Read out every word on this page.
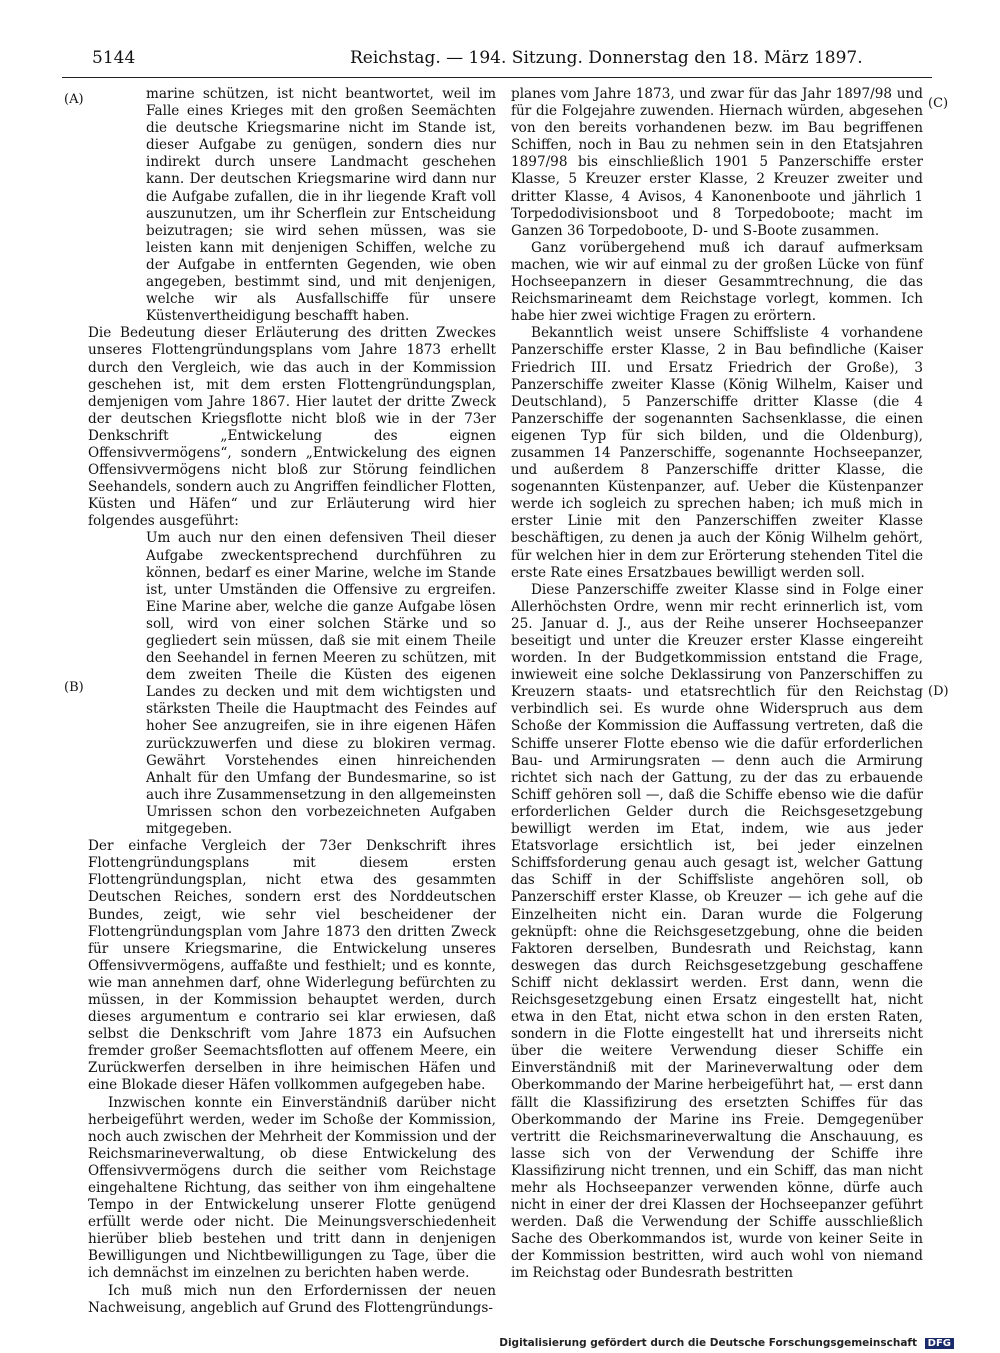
5144	Reichstag. — 194. Sitzung. Donnerstag den 18. März 1897.
(A)
(B)
(C)
(D)

marine schützen, ist nicht beantwortet, weil im Falle eines Krieges mit den großen Seemächten die deutsche Kriegsmarine nicht im Stande ist, dieser Aufgabe zu genügen, sondern dies nur indirekt durch unsere Landmacht geschehen kann. Der deutschen Kriegsmarine wird dann nur die Aufgabe zufallen, die in ihr liegende Kraft voll auszunutzen, um ihr Scherflein zur Entscheidung beizutragen; sie wird sehen müssen, was sie leisten kann mit denjenigen Schiffen, welche zu der Aufgabe in entfernten Gegenden, wie oben angegeben, bestimmt sind, und mit denjenigen, welche wir als Ausfallschiffe für unsere Küstenvertheidigung beschafft haben.

Die Bedeutung dieser Erläuterung des dritten Zweckes unseres Flottengründungsplans vom Jahre 1873 erhellt durch den Vergleich, wie das auch in der Kommission geschehen ist, mit dem ersten Flottengründungsplan, demjenigen vom Jahre 1867. Hier lautet der dritte Zweck der deutschen Kriegsflotte nicht bloß wie in der 73er Denkschrift „Entwickelung des eignen Offensivvermögens“, sondern „Entwickelung des eignen Offensivvermögens nicht bloß zur Störung feindlichen Seehandels, sondern auch zu Angriffen feindlicher Flotten, Küsten und Häfen“ und zur Erläuterung wird hier folgendes ausgeführt:

Um auch nur den einen defensiven Theil dieser Aufgabe zweckentsprechend durchführen zu können, bedarf es einer Marine, welche im Stande ist, unter Umständen die Offensive zu ergreifen. Eine Marine aber, welche die ganze Aufgabe lösen soll, wird von einer solchen Stärke und so gegliedert sein müssen, daß sie mit einem Theile den Seehandel in fernen Meeren zu schützen, mit dem zweiten Theile die Küsten des eigenen Landes zu decken und mit dem wichtigsten und stärksten Theile die Hauptmacht des Feindes auf hoher See anzugreifen, sie in ihre eigenen Häfen zurückzuwerfen und diese zu blokiren vermag. Gewährt Vorstehendes einen hinreichenden Anhalt für den Umfang der Bundesmarine, so ist auch ihre Zusammensetzung in den allgemeinsten Umrissen schon den vorbezeichneten Aufgaben mitgegeben.

Der einfache Vergleich der 73er Denkschrift ihres Flottengründungsplans mit diesem ersten Flottengründungsplan, nicht etwa des gesammten Deutschen Reiches, sondern erst des Norddeutschen Bundes, zeigt, wie sehr viel bescheidener der Flottengründungsplan vom Jahre 1873 den dritten Zweck für unsere Kriegsmarine, die Entwickelung unseres Offensivvermögens, auffaßte und festhielt; und es konnte, wie man annehmen darf, ohne Widerlegung befürchten zu müssen, in der Kommission behauptet werden, durch dieses argumentum e contrario sei klar erwiesen, daß selbst die Denkschrift vom Jahre 1873 ein Aufsuchen fremder großer Seemachtsflotten auf offenem Meere, ein Zurückwerfen derselben in ihre heimischen Häfen und eine Blokade dieser Häfen vollkommen aufgegeben habe.

Inzwischen konnte ein Einverständniß darüber nicht herbeigeführt werden, weder im Schoße der Kommission, noch auch zwischen der Mehrheit der Kommission und der Reichsmarineverwaltung, ob diese Entwickelung des Offensivvermögens durch die seither vom Reichstage eingehaltene Richtung, das seither von ihm eingehaltene Tempo in der Entwickelung unserer Flotte genügend erfüllt werde oder nicht. Die Meinungsverschiedenheit hierüber blieb bestehen und tritt dann in denjenigen Bewilligungen und Nichtbewilligungen zu Tage, über die ich demnächst im einzelnen zu berichten haben werde.

Ich muß mich nun den Erfordernissen der neuen Nachweisung, angeblich auf Grund des Flottengründungs-

planes vom Jahre 1873, und zwar für das Jahr 1897/98 und für die Folgejahre zuwenden. Hiernach würden, abgesehen von den bereits vorhandenen bezw. im Bau begriffenen Schiffen, noch in Bau zu nehmen sein in den Etatsjahren 1897/98 bis einschließlich 1901 5 Panzerschiffe erster Klasse, 5 Kreuzer erster Klasse, 2 Kreuzer zweiter und dritter Klasse, 4 Avisos, 4 Kanonenboote und jährlich 1 Torpedodivisionsboot und 8 Torpedoboote; macht im Ganzen 36 Torpedoboote, D- und S-Boote zusammen.

Ganz vorübergehend muß ich darauf aufmerksam machen, wie wir auf einmal zu der großen Lücke von fünf Hochseepanzern in dieser Gesammtrechnung, die das Reichsmarineamt dem Reichstage vorlegt, kommen. Ich habe hier zwei wichtige Fragen zu erörtern.

Bekanntlich weist unsere Schiffsliste 4 vorhandene Panzerschiffe erster Klasse, 2 in Bau befindliche (Kaiser Friedrich III. und Ersatz Friedrich der Große), 3 Panzerschiffe zweiter Klasse (König Wilhelm, Kaiser und Deutschland), 5 Panzerschiffe dritter Klasse (die 4 Panzerschiffe der sogenannten Sachsenklasse, die einen eigenen Typ für sich bilden, und die Oldenburg), zusammen 14 Panzerschiffe, sogenannte Hochseepanzer, und außerdem 8 Panzerschiffe dritter Klasse, die sogenannten Küstenpanzer, auf. Ueber die Küstenpanzer werde ich sogleich zu sprechen haben; ich muß mich in erster Linie mit den Panzerschiffen zweiter Klasse beschäftigen, zu denen ja auch der König Wilhelm gehört, für welchen hier in dem zur Erörterung stehenden Titel die erste Rate eines Ersatzbaues bewilligt werden soll.

Diese Panzerschiffe zweiter Klasse sind in Folge einer Allerhöchsten Ordre, wenn mir recht erinnerlich ist, vom 25. Januar d. J., aus der Reihe unserer Hochseepanzer beseitigt und unter die Kreuzer erster Klasse eingereiht worden. In der Budgetkommission entstand die Frage, inwieweit eine solche Deklassirung von Panzerschiffen zu Kreuzern staats- und etatsrechtlich für den Reichstag verbindlich sei. Es wurde ohne Widerspruch aus dem Schoße der Kommission die Auffassung vertreten, daß die Schiffe unserer Flotte ebenso wie die dafür erforderlichen Bau- und Armirungsraten — denn auch die Armirung richtet sich nach der Gattung, zu der das zu erbauende Schiff gehören soll —, daß die Schiffe ebenso wie die dafür erforderlichen Gelder durch die Reichsgesetzgebung bewilligt werden im Etat, indem, wie aus jeder Etatsvorlage ersichtlich ist, bei jeder einzelnen Schiffsforderung genau auch gesagt ist, welcher Gattung das Schiff in der Schiffsliste angehören soll, ob Panzerschiff erster Klasse, ob Kreuzer — ich gehe auf die Einzelheiten nicht ein. Daran wurde die Folgerung geknüpft: ohne die Reichsgesetzgebung, ohne die beiden Faktoren derselben, Bundesrath und Reichstag, kann deswegen das durch Reichsgesetzgebung geschaffene Schiff nicht deklassirt werden. Erst dann, wenn die Reichsgesetzgebung einen Ersatz eingestellt hat, nicht etwa in den Etat, nicht etwa schon in den ersten Raten, sondern in die Flotte eingestellt hat und ihrerseits nicht über die weitere Verwendung dieser Schiffe ein Einverständniß mit der Marineverwaltung oder dem Oberkommando der Marine herbeigeführt hat, — erst dann fällt die Klassifizirung des ersetzten Schiffes für das Oberkommando der Marine ins Freie. Demgegenüber vertritt die Reichsmarineverwaltung die Anschauung, es lasse sich von der Verwendung der Schiffe ihre Klassifizirung nicht trennen, und ein Schiff, das man nicht mehr als Hochseepanzer verwenden könne, dürfe auch nicht in einer der drei Klassen der Hochseepanzer geführt werden. Daß die Verwendung der Schiffe ausschließlich Sache des Oberkommandos ist, wurde von keiner Seite in der Kommission bestritten, wird auch wohl von niemand im Reichstag oder Bundesrath bestritten

Digitalisierung gefördert durch die Deutsche Forschungsgemeinschaft DFG
